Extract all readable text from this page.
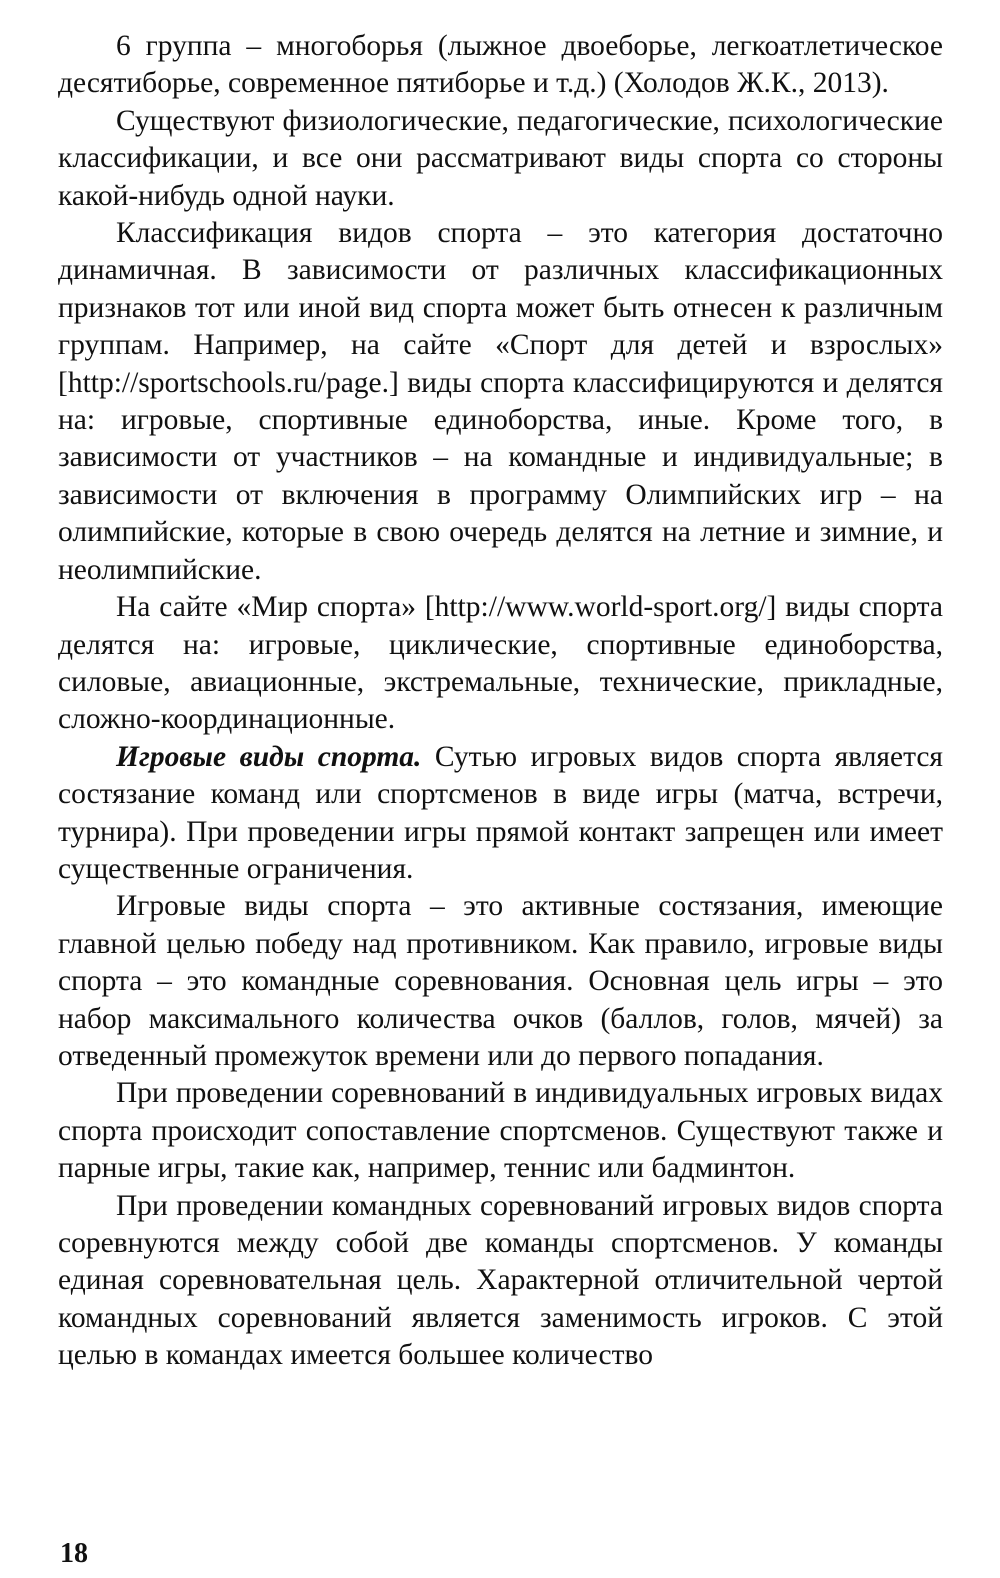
6 группа – многоборья (лыжное двоеборье, легкоатлетическое десятиборье, современное пятиборье и т.д.) (Холодов Ж.К., 2013).

Существуют физиологические, педагогические, психологические классификации, и все они рассматривают виды спорта со стороны какой-нибудь одной науки.

Классификация видов спорта – это категория достаточно динамичная. В зависимости от различных классификационных признаков тот или иной вид спорта может быть отнесен к различным группам. Например, на сайте «Спорт для детей и взрослых» [http://sportschools.ru/page.] виды спорта классифицируются и делятся на: игровые, спортивные единоборства, иные. Кроме того, в зависимости от участников – на командные и индивидуальные; в зависимости от включения в программу Олимпийских игр – на олимпийские, которые в свою очередь делятся на летние и зимние, и неолимпийские.

На сайте «Мир спорта» [http://www.world-sport.org/] виды спорта делятся на: игровые, циклические, спортивные единоборства, силовые, авиационные, экстремальные, технические, прикладные, сложно-координационные.

Игровые виды спорта. Сутью игровых видов спорта является состязание команд или спортсменов в виде игры (матча, встречи, турнира). При проведении игры прямой контакт запрещен или имеет существенные ограничения.

Игровые виды спорта – это активные состязания, имеющие главной целью победу над противником. Как правило, игровые виды спорта – это командные соревнования. Основная цель игры – это набор максимального количества очков (баллов, голов, мячей) за отведенный промежуток времени или до первого попадания.

При проведении соревнований в индивидуальных игровых видах спорта происходит сопоставление спортсменов. Существуют также и парные игры, такие как, например, теннис или бадминтон.

При проведении командных соревнований игровых видов спорта соревнуются между собой две команды спортсменов. У команды единая соревновательная цель. Характерной отличительной чертой командных соревнований является заменимость игроков. С этой целью в командах имеется большее количество

18
